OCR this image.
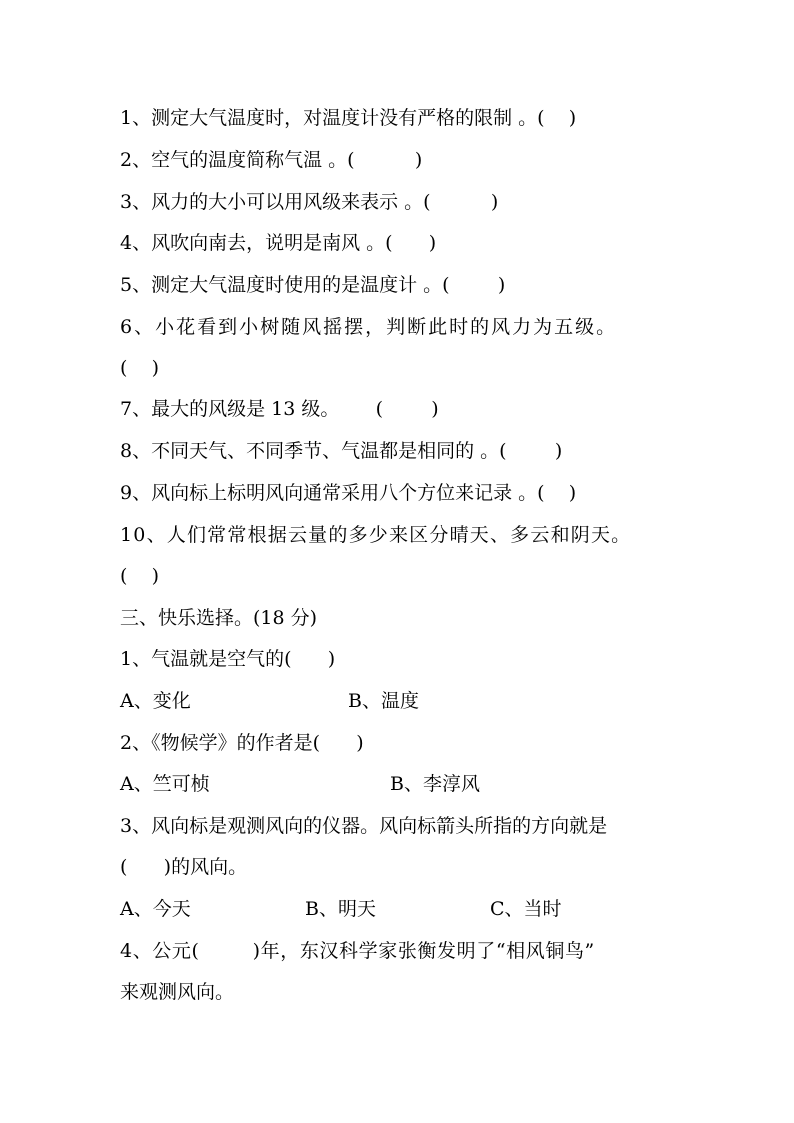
1、测定大气温度时，对温度计没有严格的限制 。(    )
2、空气的温度简称气温 。(          )
3、风力的大小可以用风级来表示 。(          )
4、风吹向南去，说明是南风 。(      )
5、测定大气温度时使用的是温度计 。(        )
6、小花看到小树随风摇摆，判断此时的风力为五级。
(    )
7、最大的风级是 13 级。      (        )
8、不同天气、不同季节、气温都是相同的 。(        )
9、风向标上标明风向通常采用八个方位来记录 。(    )
10、人们常常根据云量的多少来区分晴天、多云和阴天。
(    )
三、快乐选择。(18 分)
1、气温就是空气的(      )
A、变化	B、温度
2、《物候学》的作者是(      )
A、竺可桢	B、李淳风
3、风向标是观测风向的仪器。风向标箭头所指的方向就是
(      )的风向。
A、今天	B、明天	C、当时
4、公元(        )年，东汉科学家张衡发明了“相风铜鸟”
来观测风向。
